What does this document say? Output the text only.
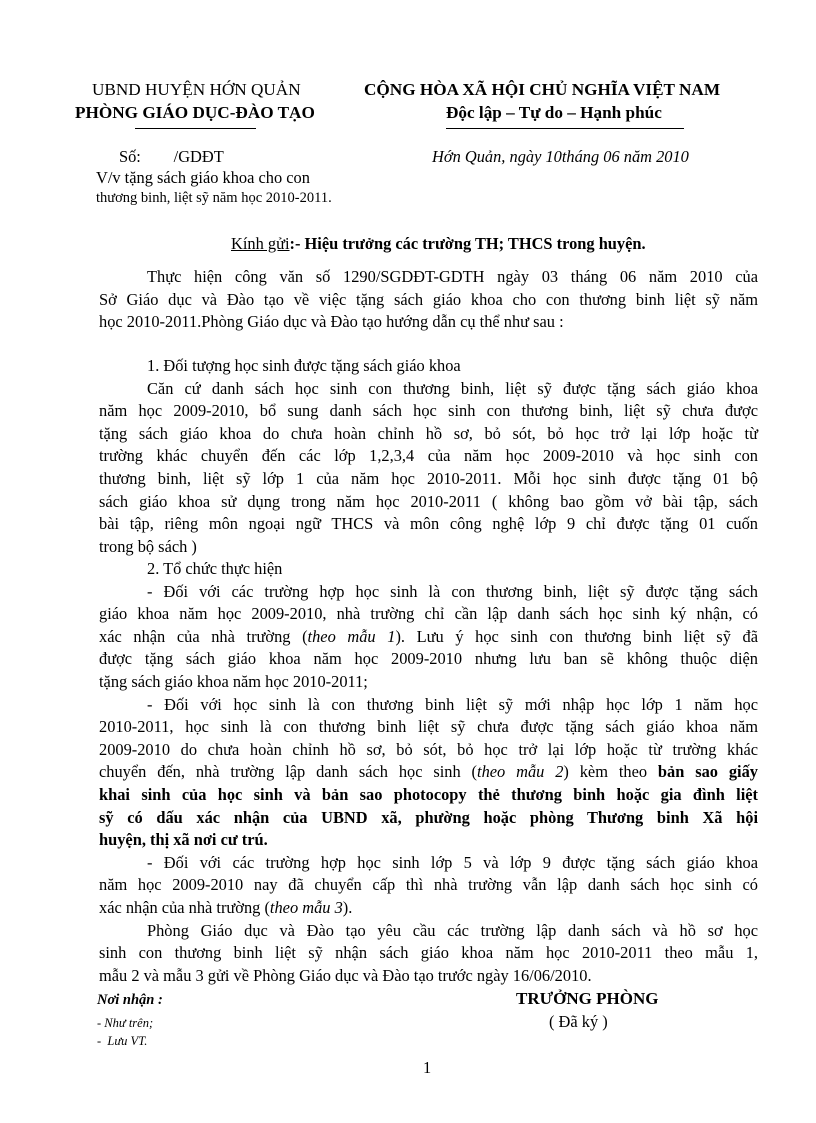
UBND HUYỆN HỚN QUẢN
PHÒNG GIÁO DỤC-ĐÀO TẠO
CỘNG HÒA XÃ HỘI CHỦ NGHĨA VIỆT NAM
Độc lập – Tự do – Hạnh phúc
Số:        /GDĐT	Hớn Quản, ngày 10tháng 06 năm 2010
V/v tặng sách giáo khoa cho con
thương binh, liệt sỹ năm học 2010-2011.
Kính gửi:- Hiệu trưởng các trường TH; THCS trong huyện.
Thực hiện công văn số 1290/SGDĐT-GDTH ngày 03 tháng 06 năm 2010 của
Sở Giáo dục và Đào tạo về việc tặng sách giáo khoa cho con thương binh liệt sỹ năm
học 2010-2011.Phòng Giáo dục và Đào tạo hướng dẫn cụ thể như sau :
1. Đối tượng học sinh được tặng sách giáo khoa
Căn cứ danh sách học sinh con thương binh, liệt sỹ được tặng sách giáo khoa
năm học 2009-2010, bổ sung danh sách học sinh con thương binh, liệt sỹ chưa được
tặng sách giáo khoa do chưa hoàn chỉnh hồ sơ, bỏ sót, bỏ học trở lại lớp hoặc từ
trường khác chuyển đến các lớp 1,2,3,4 của năm học 2009-2010 và học sinh con
thương binh, liệt sỹ lớp 1 của năm học 2010-2011. Mỗi học sinh được tặng 01 bộ
sách giáo khoa sử dụng trong năm học 2010-2011 ( không bao gồm vở bài tập, sách
bài tập, riêng môn ngoại ngữ THCS và môn công nghệ lớp 9 chỉ được tặng 01 cuốn
trong bộ sách )
2. Tổ chức thực hiện
- Đối với các trường hợp học sinh là con thương binh, liệt sỹ được tặng sách
giáo khoa năm học 2009-2010, nhà trường chỉ cần lập danh sách học sinh ký nhận, có
xác nhận của nhà trường (theo mẫu 1). Lưu ý học sinh con thương binh liệt sỹ đã
được tặng sách giáo khoa năm học 2009-2010 nhưng lưu ban sẽ không thuộc diện
tặng sách giáo khoa năm học 2010-2011;
- Đối với học sinh là con thương binh liệt sỹ mới nhập học lớp 1 năm học
2010-2011, học sinh là con thương binh liệt sỹ chưa được tặng sách giáo khoa năm
2009-2010 do chưa hoàn chỉnh hồ sơ, bỏ sót, bỏ học trở lại lớp hoặc từ trường khác
chuyển đến, nhà trường lập danh sách học sinh (theo mẫu 2) kèm theo bản sao giấy
khai sinh của học sinh và bản sao photocopy thẻ thương binh hoặc gia đình liệt
sỹ có dấu xác nhận của UBND xã, phường hoặc phòng Thương binh Xã hội
huyện, thị xã nơi cư trú.
- Đối với các trường hợp học sinh lớp 5 và lớp 9 được tặng sách giáo khoa
năm học 2009-2010 nay đã chuyển cấp thì nhà trường vẫn lập danh sách học sinh có
xác nhận của nhà trường (theo mẫu 3).
Phòng Giáo dục và Đào tạo yêu cầu các trường lập danh sách và hồ sơ học
sinh con thương binh liệt sỹ nhận sách giáo khoa năm học 2010-2011 theo mẫu 1,
mẫu 2 và mẫu 3 gửi về Phòng Giáo dục và Đào tạo trước ngày 16/06/2010.
Nơi nhận :
- Như trên;
-  Lưu VT.
TRƯỞNG PHÒNG
( Đã ký )
1
